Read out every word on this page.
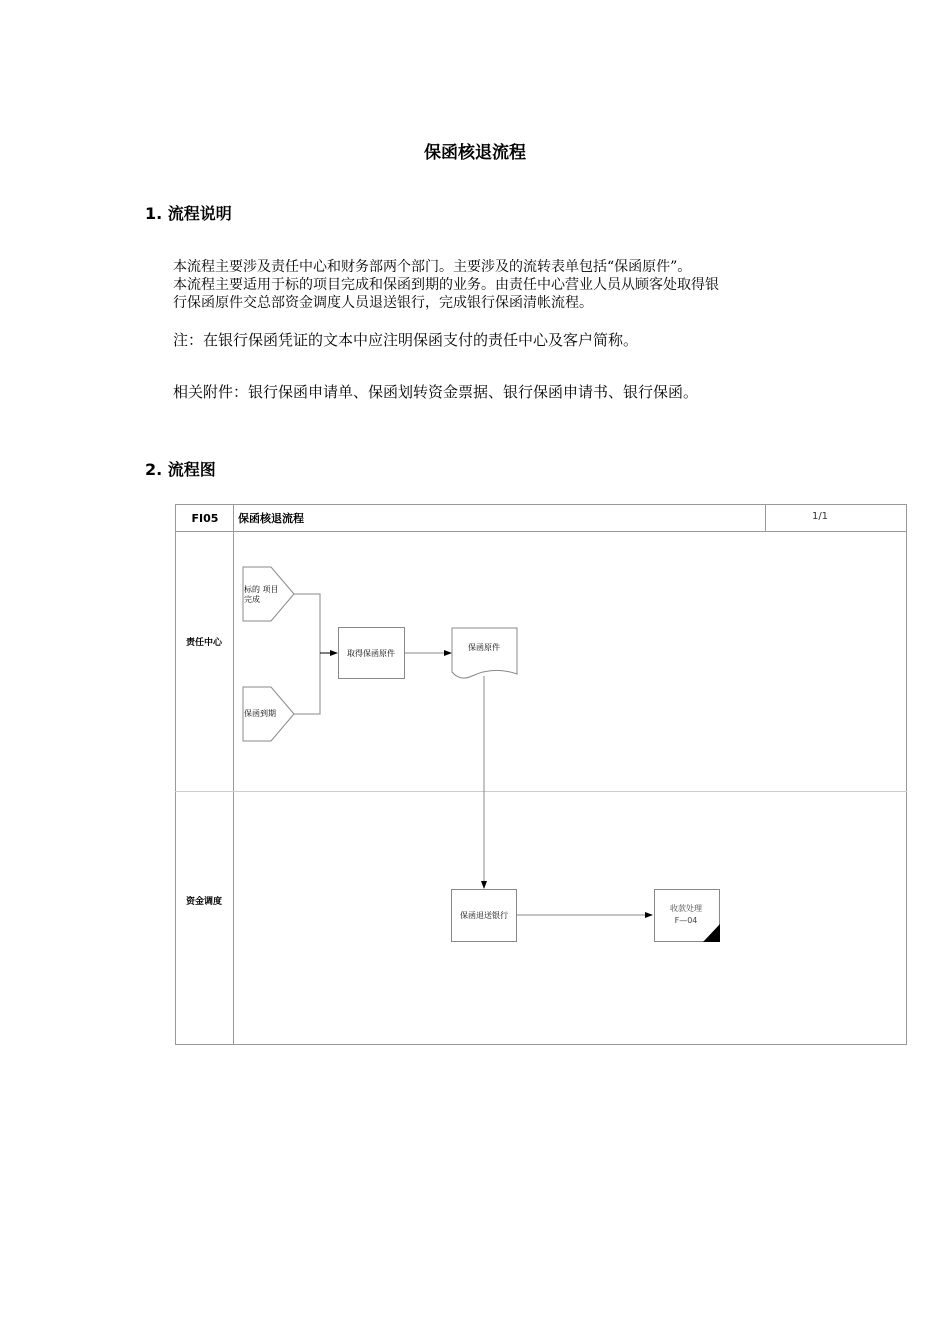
保函核退流程
1. 流程说明
本流程主要涉及责任中心和财务部两个部门。主要涉及的流转表单包括“保函原件”。
本流程主要适用于标的项目完成和保函到期的业务。由责任中心营业人员从顾客处取得银
行保函原件交总部资金调度人员退送银行，完成银行保函清帐流程。
注：在银行保函凭证的文本中应注明保函支付的责任中心及客户简称。
相关附件：银行保函申请单、保函划转资金票据、银行保函申请书、银行保函。
2. 流程图
FI05 保函核退流程	1/1
责任中心
资金调度
标的 项目
完成
保函到期
取得保函原件
保函原件
保函退送银行
收款处理
F—04
